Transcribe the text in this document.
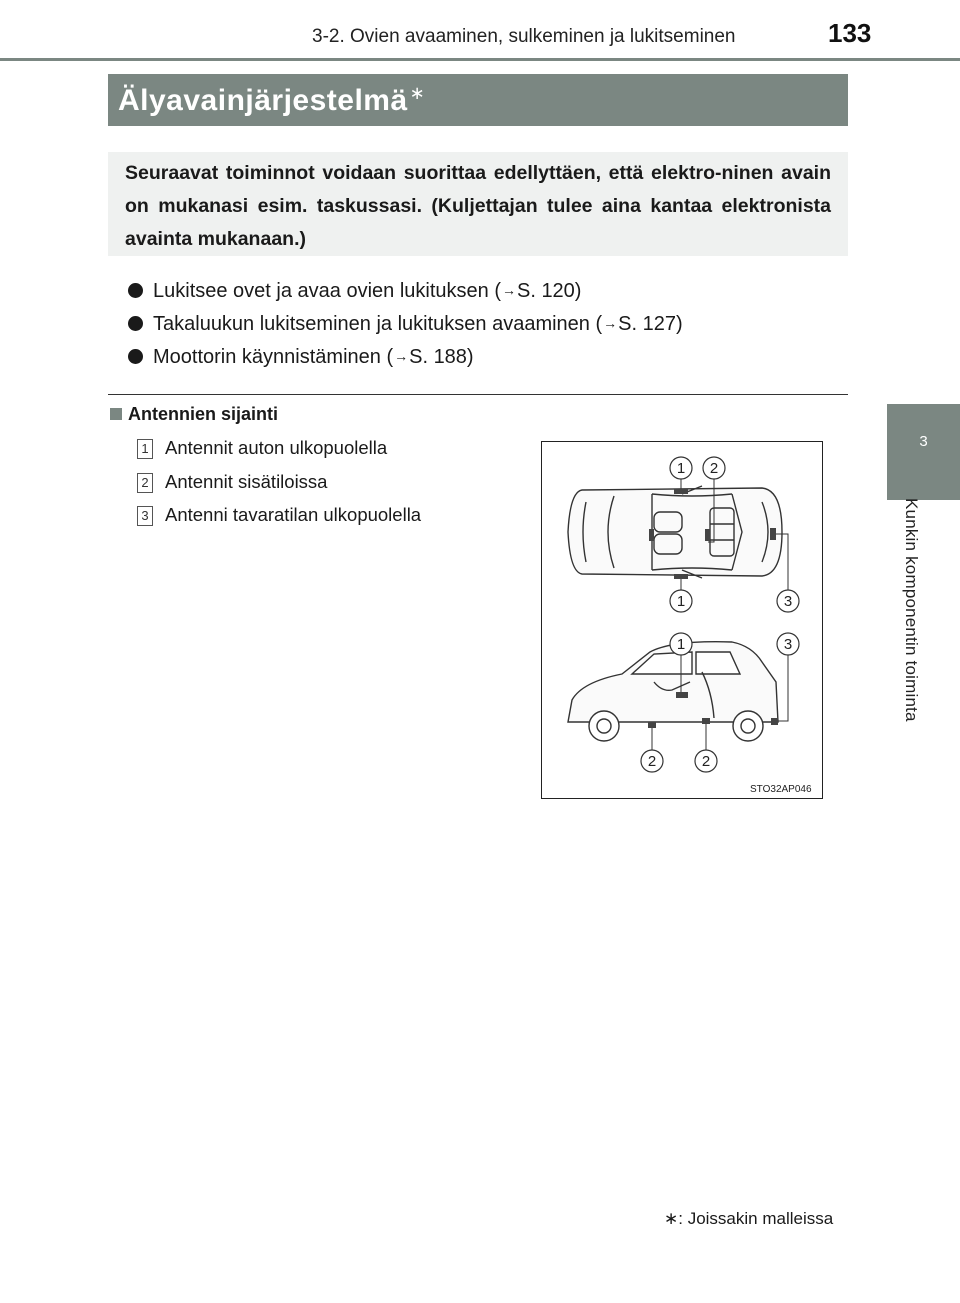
3-2. Ovien avaaminen, sulkeminen ja lukitseminen	133
3
Kunkin komponentin toiminta
Älyavainjärjestelmä ∗
Seuraavat toiminnot voidaan suorittaa edellyttäen, että elektro-ninen avain on mukanasi esim. taskussasi. (Kuljettajan tulee aina kantaa elektronista avainta mukanaan.)
Lukitsee ovet ja avaa ovien lukituksen (→S. 120)
Takaluukun lukitseminen ja lukituksen avaaminen (→S. 127)
Moottorin käynnistäminen (→S. 188)
Antennien sijainti
1 Antennit auton ulkopuolella
2 Antennit sisätiloissa
3 Antenni tavaratilan ulkopuolella
1 2
1	3
1	3
2	2
STO32AP046
∗: Joissakin malleissa
